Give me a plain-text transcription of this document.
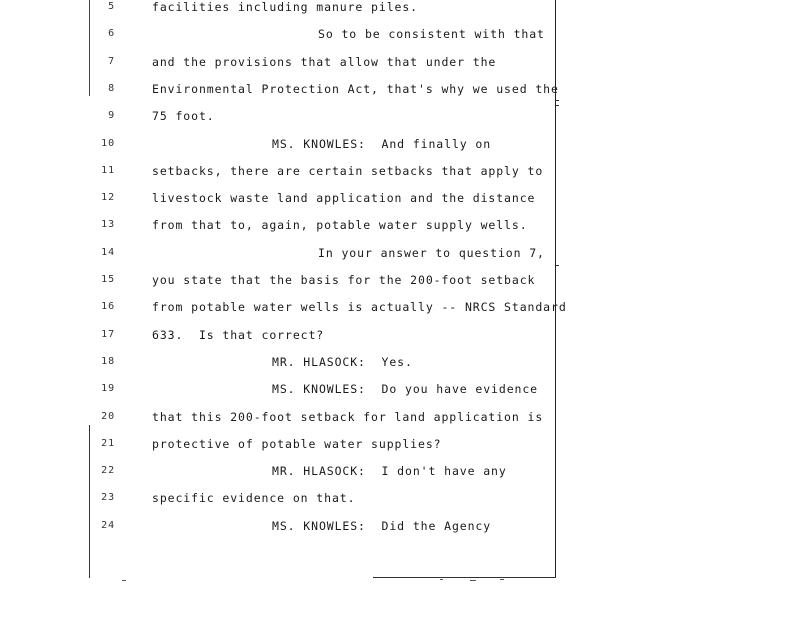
5	facilities including manure piles.
6	So to be consistent with that
7	and the provisions that allow that under the
8	Environmental Protection Act, that's why we used the
9	75 foot.
10	MS. KNOWLES:  And finally on
11	setbacks, there are certain setbacks that apply to
12	livestock waste land application and the distance
13	from that to, again, potable water supply wells.
14	In your answer to question 7,
15	you state that the basis for the 200-foot setback
16	from potable water wells is actually -- NRCS Standard
17	633.  Is that correct?
18	MR. HLASOCK:  Yes.
19	MS. KNOWLES:  Do you have evidence
20	that this 200-foot setback for land application is
21	protective of potable water supplies?
22	MR. HLASOCK:  I don't have any
23	specific evidence on that.
24	MS. KNOWLES:  Did the Agency
